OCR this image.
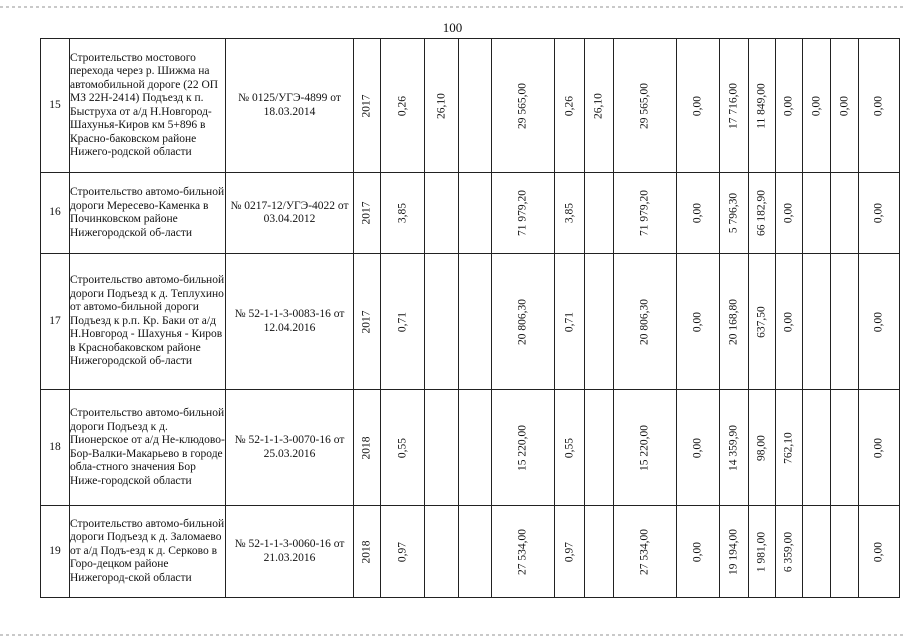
100
15	Строительство мостового перехода через р. Шижма на автомобильной дороге (22 ОП МЗ 22Н-2414) Подъезд к п. Быструха от а/д Н.Новгород-Шахунья-Киров км 5+896 в Красно-баковском районе Нижего-родской области	№ 0125/УГЭ-4899 от 18.03.2014	2017	0,26	26,10		29 565,00	0,26	26,10	29 565,00	0,00	17 716,00	11 849,00	0,00	0,00	0,00	0,00

16	Строительство автомо-бильной дороги Мересево-Каменка в Починковском районе Нижегородской об-ласти	№ 0217-12/УГЭ-4022 от 03.04.2012	2017	3,85			71 979,20	3,85		71 979,20	0,00	5 796,30	66 182,90	0,00			0,00

17	Строительство автомо-бильной дороги Подъезд к д. Теплухино от автомо-бильной дороги Подъезд к р.п. Кр. Баки от а/д Н.Новгород - Шахунья - Киров в Краснобаковском районе Нижегородской об-ласти	№ 52-1-1-3-0083-16 от 12.04.2016	2017	0,71			20 806,30	0,71		20 806,30	0,00	20 168,80	637,50	0,00			0,00

18	Строительство автомо-бильной дороги Подъезд к д. Пионерское от а/д Не-клюдово-Бор-Валки-Макарьево в городе обла-стного значения Бор Ниже-городской области	№ 52-1-1-3-0070-16 от 25.03.2016	2018	0,55			15 220,00	0,55		15 220,00	0,00	14 359,90	98,00	762,10			0,00

19	Строительство автомо-бильной дороги Подъезд к д. Заломаево от а/д Подъ-езд к д. Серково в Горо-децком районе Нижегород-ской области	№ 52-1-1-3-0060-16 от 21.03.2016	2018	0,97			27 534,00	0,97		27 534,00	0,00	19 194,00	1 981,00	6 359,00			0,00
